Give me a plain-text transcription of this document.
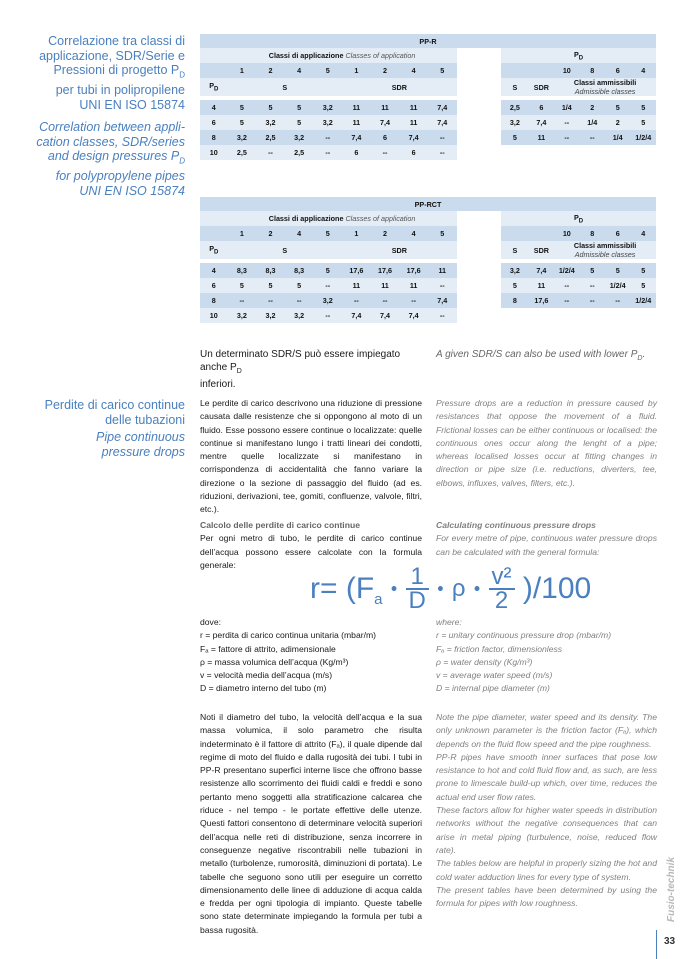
Correlazione tra classi di
applicazione, SDR/Serie e
Pressioni di progetto $P_D$
per tubi in polipropilene
UNI EN ISO 15874

Correlation between appli-
cation classes, SDR/series
and design pressures $P_D$
for polypropylene pipes
UNI EN ISO 15874

Perdite di carico continue
delle tubazioni

Pipe continuous
pressure drops

PP-R															
	Classi di applicazione Classes of application									$P_D$
	1	2	4	5	1	2	4	5				10	8	6	4
$P_D$	S				SDR					S	SDR	Classi ammissibili
Admissible classes			

4	5	5	5	3,2	11	11	11	7,4		2,5	6	1/4	2	5	5
6	5	3,2	5	3,2	11	7,4	11	7,4		3,2	7,4	--	1/4	2	5
8	3,2	2,5	3,2	--	7,4	6	7,4	--		5	11	--	--	1/4	1/2/4
10	2,5	--	2,5	--	6	--	6	--							
PP-RCT															
	Classi di applicazione Classes of application									$P_D$
	1	2	4	5	1	2	4	5				10	8	6	4
$P_D$	S				SDR					S	SDR	Classi ammissibili
Admissible classes			

4	8,3	8,3	8,3	5	17,6	17,6	17,6	11		3,2	7,4	1/2/4	5	5	5
6	5	5	5	--	11	11	11	--		5	11	--	--	1/2/4	5
8	--	--	--	3,2	--	--	--	7,4		8	17,6	--	--	--	1/2/4
10	3,2	3,2	3,2	--	7,4	7,4	7,4	--							
Un determinato SDR/S può essere impiegato anche $P_D$
inferiori.
A given SDR/S can also be used with lower $P_D$.
Le perdite di carico descrivono una riduzione di pressione causata dalle resistenze che si oppongono al moto di un fluido. Esse possono essere continue o localizzate: quelle continue si manifestano lungo i tratti lineari dei condotti, mentre quelle localizzate si manifestano in corrispondenza di accidentalità che fanno variare la direzione o la sezione di passaggio del fluido (ad es. riduzioni, derivazioni, tee, gomiti, confluenze, valvole, filtri, etc.).
Pressure drops are a reduction in pressure caused by resistances that oppose the movement of a fluid. Frictional losses can be either continuous or localised: the continuous ones occur along the lenght of a pipe; whereas localised losses occur at fitting changes in direction or pipe size (i.e. reductions, diverters, tee, elbows, influxes, valves, filters, etc.).
Calcolo delle perdite di carico continue
Per ogni metro di tubo, le perdite di carico continue dell’acqua possono essere calcolate con la formula generale:
Calculating continuous pressure drops
For every metre of pipe, continuous water pressure drops can be calculated with the general formula:
$r= (F_a$ • $\frac{1}{D}$ • ρ • $\frac{\text{v²}}{2} )/100$
dove:
r = perdita di carico continua unitaria (mbar/m)
Fₐ = fattore di attrito, adimensionale
ρ = massa volumica dell’acqua (Kg/m³)
v = velocità media dell’acqua (m/s)
D = diametro interno del tubo (m)
where:
r = unitary continuous pressure drop (mbar/m)
Fₐ = friction factor, dimensionless
ρ = water density (Kg/m³)
v = average water speed (m/s)
D = internal pipe diameter (m)
Noti il diametro del tubo, la velocità dell’acqua e la sua massa volumica, il solo parametro che risulta indeterminato è il fattore di attrito (Fₐ), il quale dipende dal regime di moto del fluido e dalla rugosità dei tubi. I tubi in PP-R presentano superfici interne lisce che offrono basse resistenze allo scorrimento dei fluidi caldi e freddi e sono pertanto meno soggetti alla stratificazione calcarea che riduce - nel tempo - le portate effettive delle utenze. Questi fattori consentono di determinare velocità superiori dell’acqua nelle reti di distribuzione, senza incorrere in conseguenze negative riscontrabili nelle tubazioni in metallo (turbolenze, rumorosità, diminuzioni di portata). Le tabelle che seguono sono utili per eseguire un corretto dimensionamento delle linee di adduzione di acqua calda e fredda per ogni tipologia di impianto. Queste tabelle sono state determinate impiegando la formula per tubi a bassa rugosità.
Note the pipe diameter, water speed and its density. The only unknown parameter is the friction factor (Fₐ), which depends on the fluid flow speed and the pipe roughness.
PP-R pipes have smooth inner surfaces that pose low resistance to hot and cold fluid flow and, as such, are less prone to limescale build-up which, over time, reduces the actual end user flow rates.
These factors allow for higher water speeds in distribution networks without the negative consequences that can arise in metal piping (turbulence, noise, reduced flow rate).
The tables below are helpful in properly sizing the hot and cold water adduction lines for every type of system.
The present tables have been determined by using the formula for pipes with low roughness.	Fusio-technik
33
